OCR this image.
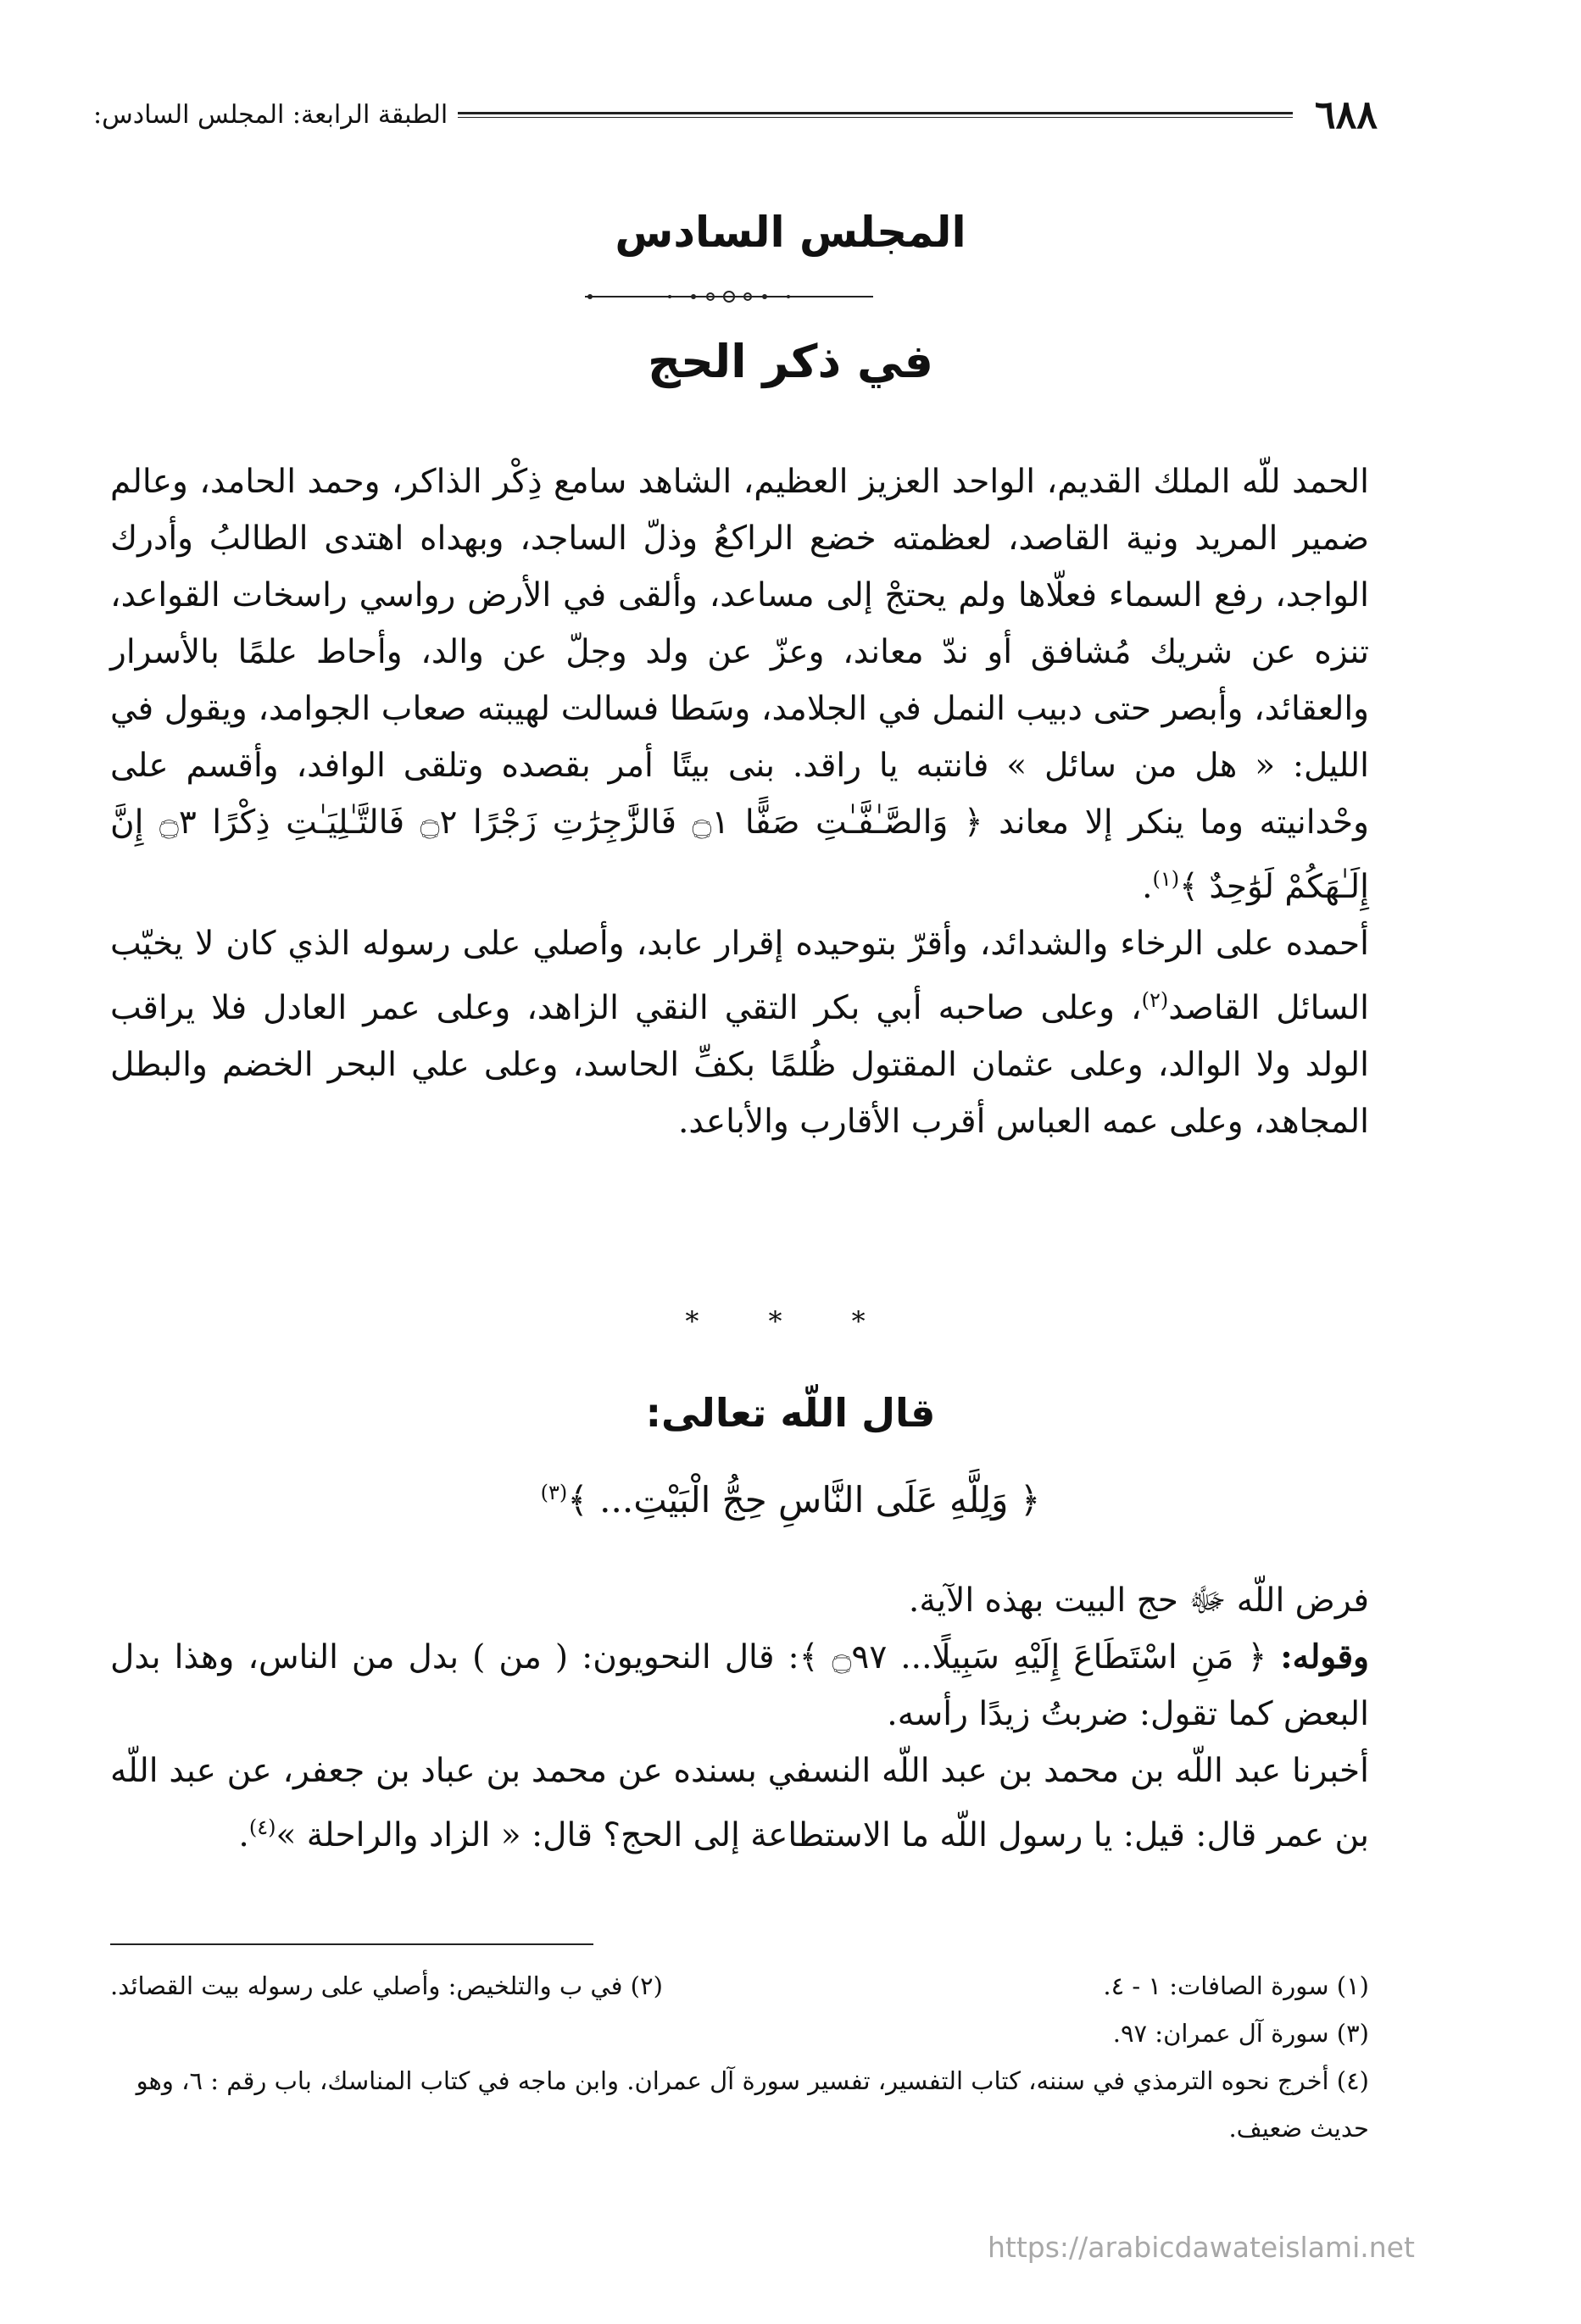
٦٨٨
الطبقة الرابعة: المجلس السادس:
المجلس السادس
في ذكر الحج

الحمد للّه الملك القديم، الواحد العزيز العظيم، الشاهد سامع ذِكْر الذاكر، وحمد الحامد، وعالم ضمير المريد ونية القاصد، لعظمته خضع الراكعُ وذلّ الساجد، وبهداه اهتدى الطالبُ وأدرك الواجد، رفع السماء فعلّاها ولم يحتجْ إلى مساعد، وألقى في الأرض رواسي راسخات القواعد، تنزه عن شريك مُشافق أو ندّ معاند، وعزّ عن ولد وجلّ عن والد، وأحاط علمًا بالأسرار والعقائد، وأبصر حتى دبيب النمل في الجلامد، وسَطا فسالت لهيبته صعاب الجوامد، ويقول في الليل: « هل من سائل » فانتبه يا راقد. بنى بيتًا أمر بقصده وتلقى الوافد، وأقسم على وحْدانيته وما ينكر إلا معاند ﴿ وَالصَّـٰفَّـٰتِ صَفًّا ۝١ فَالزَّٰجِرَٰتِ زَجْرًا ۝٢ فَالتَّـٰلِيَـٰتِ ذِكْرًا ۝٣ إِنَّ إِلَـٰهَكُمْ لَوَٰحِدٌ ﴾$^{(١)}$.

أحمده على الرخاء والشدائد، وأقرّ بتوحيده إقرار عابد، وأصلي على رسوله الذي كان لا يخيّب السائل القاصد$^{(٢)}$، وعلى صاحبه أبي بكر التقي النقي الزاهد، وعلى عمر العادل فلا يراقب الولد ولا الوالد، وعلى عثمان المقتول ظُلمًا بكفِّ الحاسد، وعلى علي البحر الخضم والبطل المجاهد، وعلى عمه العباس أقرب الأقارب والأباعد.

* * *
قال اللّه تعالى:
﴿ وَلِلَّهِ عَلَى النَّاسِ حِجُّ الْبَيْتِ... ﴾$^{(٣)}$

فرض اللّه ﷻ حج البيت بهذه الآية.

وقوله: ﴿ مَنِ اسْتَطَاعَ إِلَيْهِ سَبِيلًا... ۝٩٧ ﴾: قال النحويون: ( من ) بدل من الناس، وهذا بدل البعض كما تقول: ضربتُ زيدًا رأسه.

أخبرنا عبد اللّه بن محمد بن عبد اللّه النسفي بسنده عن محمد بن عباد بن جعفر، عن عبد اللّه بن عمر قال: قيل: يا رسول اللّه ما الاستطاعة إلى الحج؟ قال: « الزاد والراحلة »$^{(٤)}$.

(١) سورة الصافات: ١ - ٤.
(٢) في ب والتلخيص: وأصلي على رسوله بيت القصائد.
(٣) سورة آل عمران: ٩٧.
(٤) أخرج نحوه الترمذي في سننه، كتاب التفسير، تفسير سورة آل عمران. وابن ماجه في كتاب المناسك، باب رقم : ٦، وهو حديث ضعيف.
https://arabicdawateislami.net
